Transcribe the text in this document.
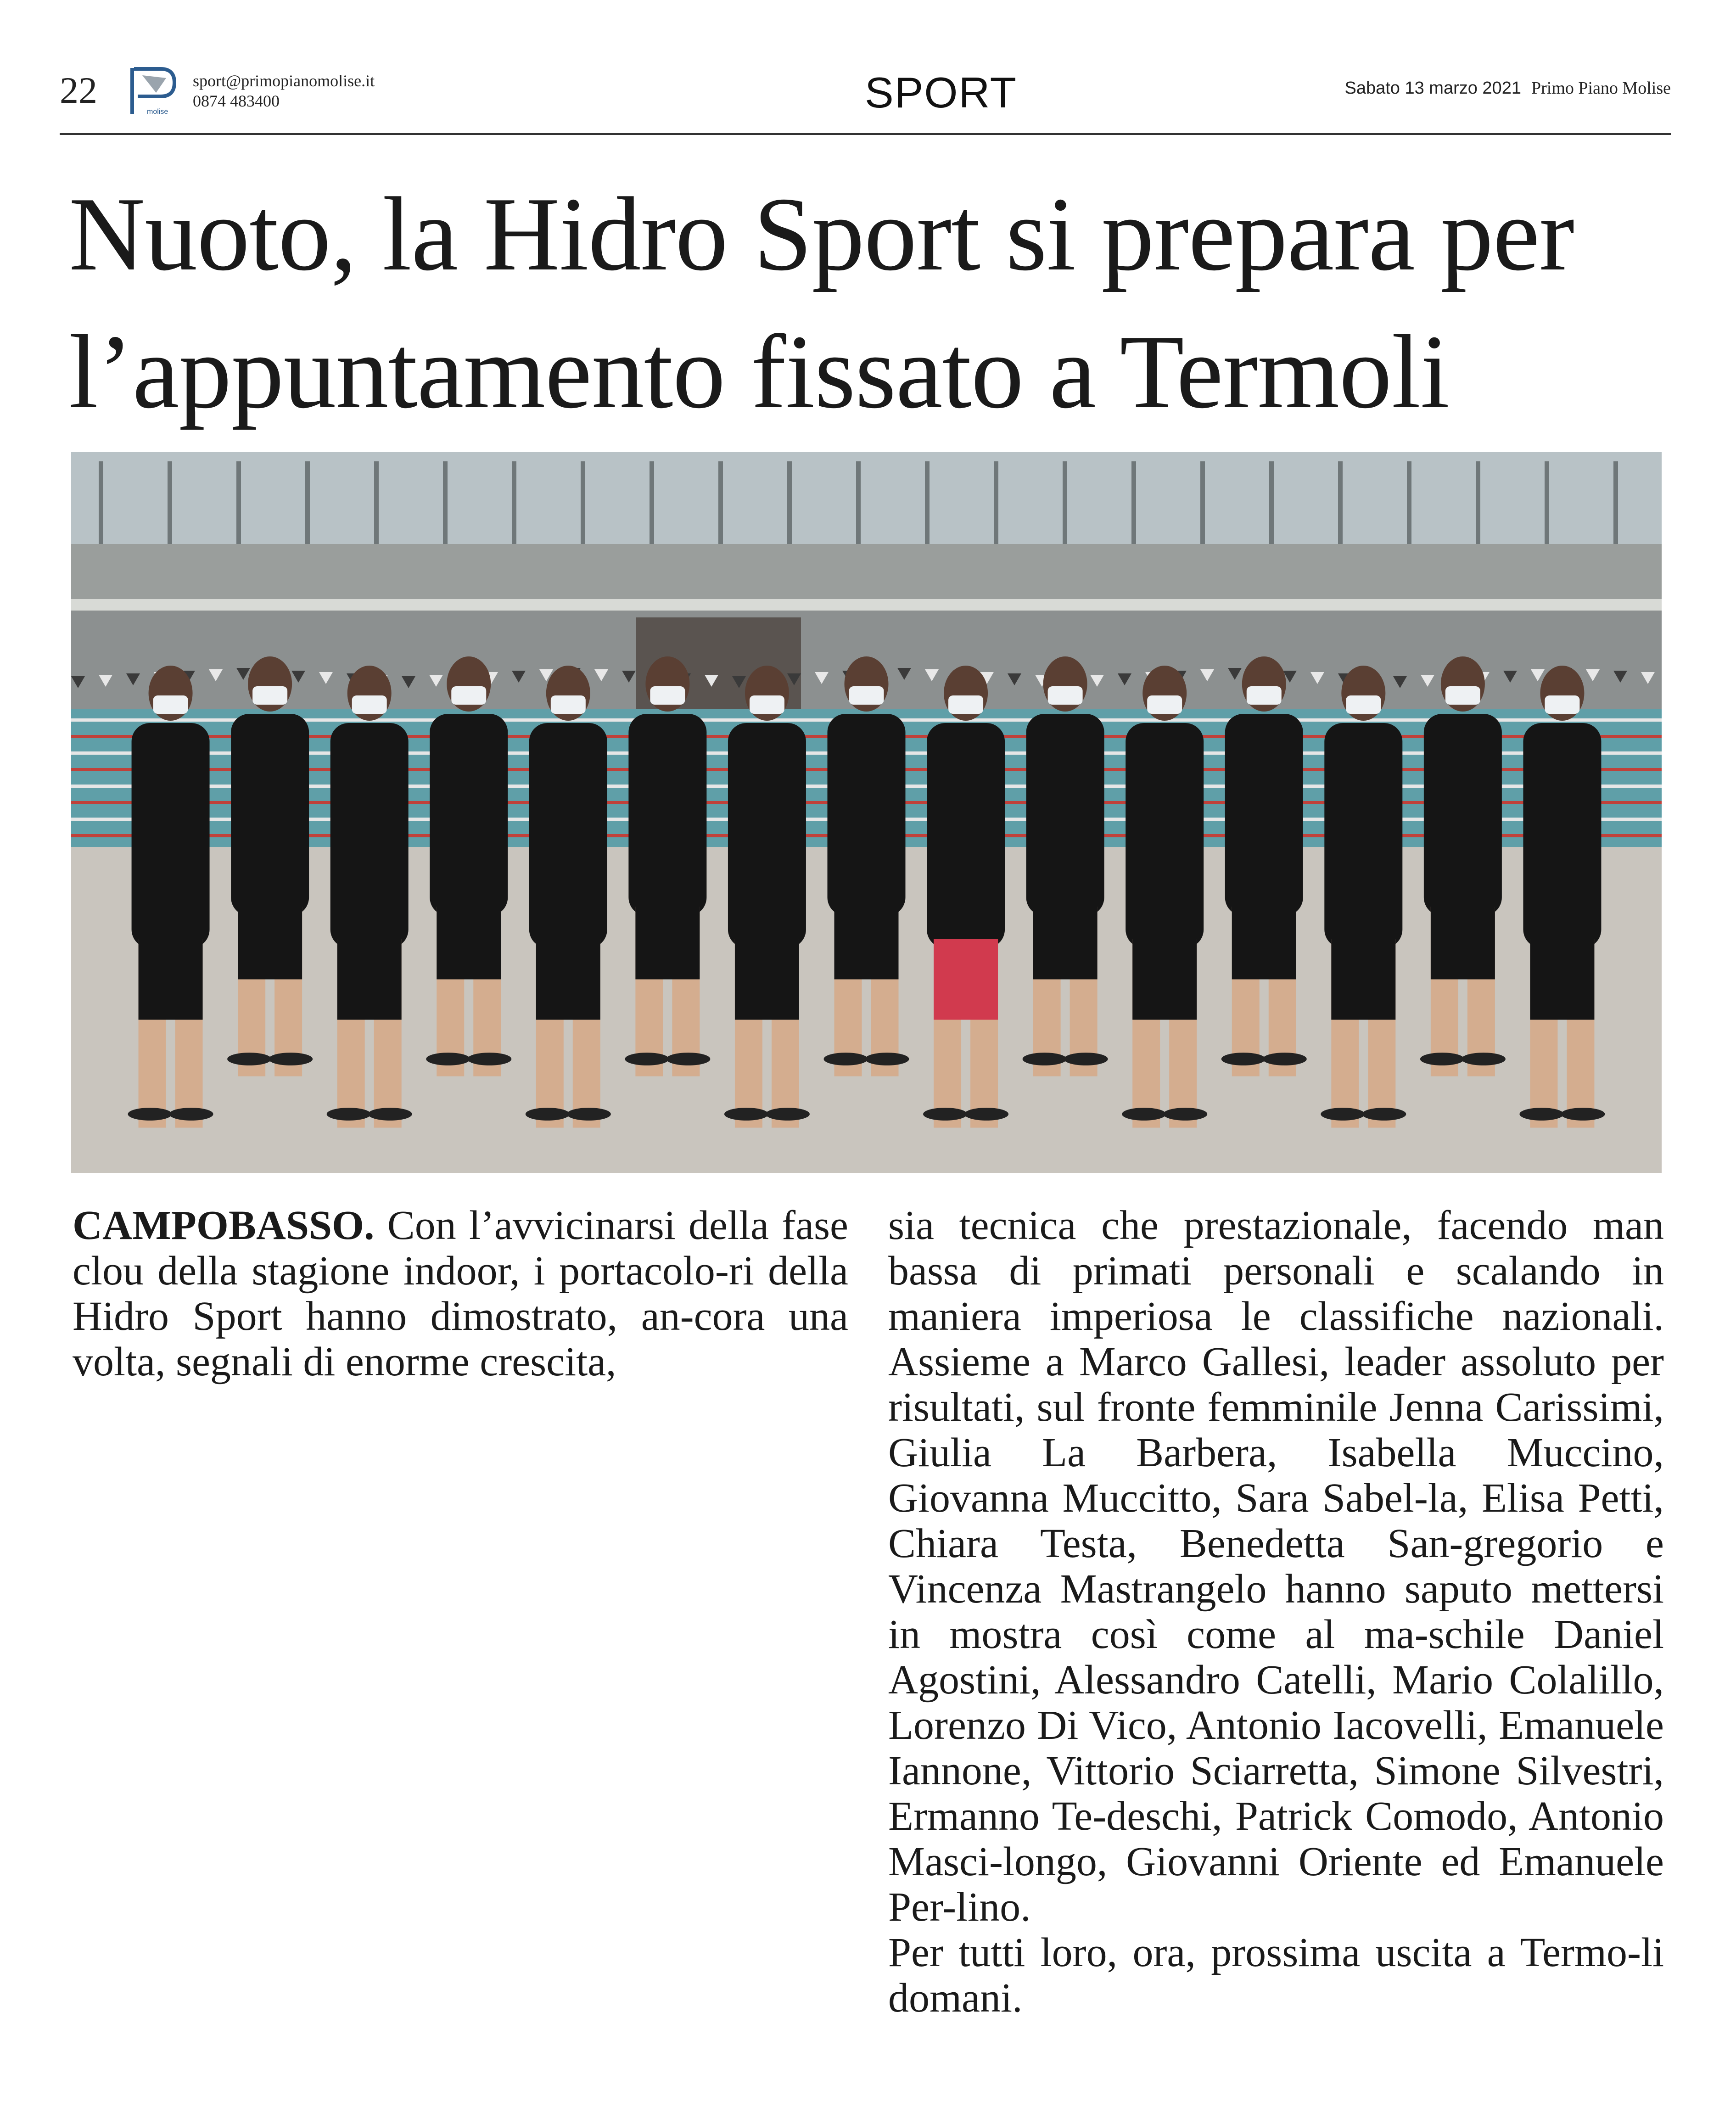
22
molise
sport@primopianomolise.it
0874 483400	SPORT	Sabato 13 marzo 2021 Primo Piano Molise
Nuoto, la Hidro Sport si prepara per
l’appuntamento fissato a Termoli

CAMPOBASSO. Con l’avvicinarsi della fase clou della stagione indoor, i portacolo-ri della Hidro Sport hanno dimostrato, an-cora una volta, segnali di enorme crescita,

sia tecnica che prestazionale, facendo man bassa di primati personali e scalando in maniera imperiosa le classifiche nazionali. Assieme a Marco Gallesi, leader assoluto per risultati, sul fronte femminile Jenna Carissimi, Giulia La Barbera, Isabella Muccino, Giovanna Muccitto, Sara Sabel-la, Elisa Petti, Chiara Testa, Benedetta San-gregorio e Vincenza Mastrangelo hanno saputo mettersi in mostra così come al ma-schile Daniel Agostini, Alessandro Catelli, Mario Colalillo, Lorenzo Di Vico, Antonio Iacovelli, Emanuele Iannone, Vittorio Sciarretta, Simone Silvestri, Ermanno Te-deschi, Patrick Comodo, Antonio Masci-longo, Giovanni Oriente ed Emanuele Per-lino.

Per tutti loro, ora, prossima uscita a Termo-li domani.
